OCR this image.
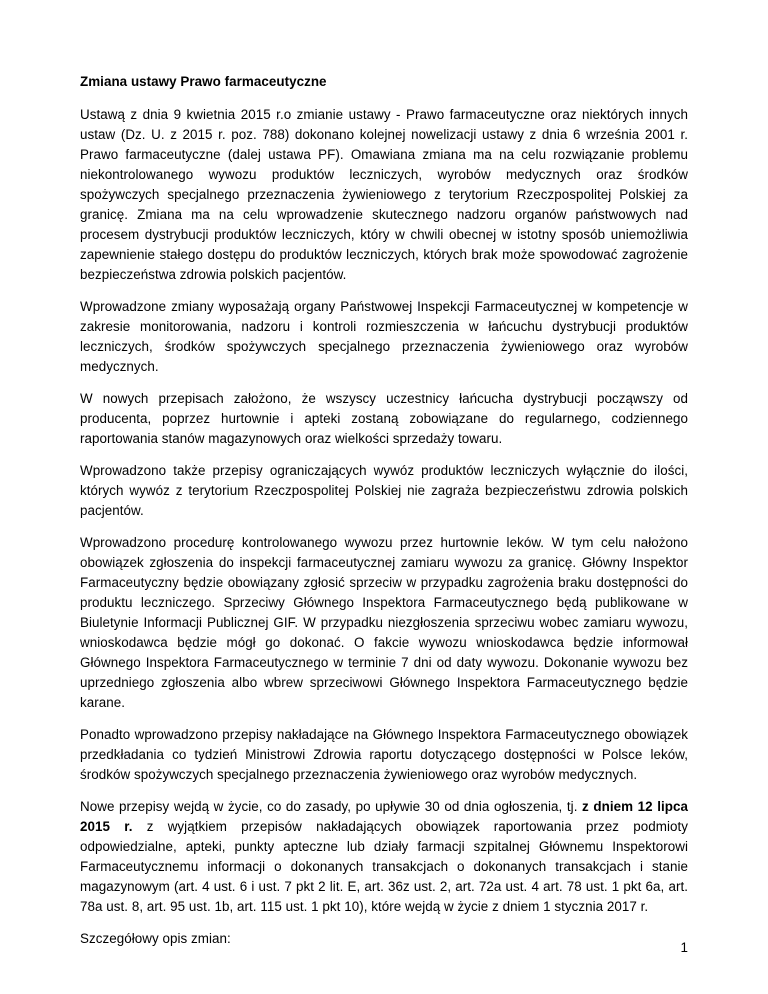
Zmiana ustawy Prawo farmaceutyczne

Ustawą z dnia 9 kwietnia 2015 r.o zmianie ustawy - Prawo farmaceutyczne oraz niektórych innych ustaw (Dz. U. z 2015 r. poz. 788) dokonano kolejnej nowelizacji ustawy z dnia 6 września 2001 r. Prawo farmaceutyczne (dalej ustawa PF). Omawiana zmiana ma na celu rozwiązanie problemu niekontrolowanego wywozu produktów leczniczych, wyrobów medycznych oraz środków spożywczych specjalnego przeznaczenia żywieniowego z terytorium Rzeczpospolitej Polskiej za granicę. Zmiana ma na celu wprowadzenie skutecznego nadzoru organów państwowych nad procesem dystrybucji produktów leczniczych, który w chwili obecnej w istotny sposób uniemożliwia zapewnienie stałego dostępu do produktów leczniczych, których brak może spowodować zagrożenie bezpieczeństwa zdrowia polskich pacjentów.

Wprowadzone zmiany wyposażają organy Państwowej Inspekcji Farmaceutycznej w kompetencje w zakresie monitorowania, nadzoru i kontroli rozmieszczenia w łańcuchu dystrybucji produktów leczniczych, środków spożywczych specjalnego przeznaczenia żywieniowego oraz wyrobów medycznych.

W nowych przepisach założono, że wszyscy uczestnicy łańcucha dystrybucji począwszy od producenta, poprzez hurtownie i apteki zostaną zobowiązane do regularnego, codziennego raportowania stanów magazynowych oraz wielkości sprzedaży towaru.

Wprowadzono także przepisy ograniczających wywóz produktów leczniczych wyłącznie do ilości, których wywóz z terytorium Rzeczpospolitej Polskiej nie zagraża bezpieczeństwu zdrowia polskich pacjentów.

Wprowadzono procedurę kontrolowanego wywozu przez hurtownie leków. W tym celu nałożono obowiązek zgłoszenia do inspekcji farmaceutycznej zamiaru wywozu za granicę. Główny Inspektor Farmaceutyczny będzie obowiązany zgłosić sprzeciw w przypadku zagrożenia braku dostępności do produktu leczniczego. Sprzeciwy Głównego Inspektora Farmaceutycznego będą publikowane w Biuletynie Informacji Publicznej GIF. W przypadku niezgłoszenia sprzeciwu wobec zamiaru wywozu, wnioskodawca będzie mógł go dokonać. O fakcie wywozu wnioskodawca będzie informował Głównego Inspektora Farmaceutycznego w terminie 7 dni od daty wywozu. Dokonanie wywozu bez uprzedniego zgłoszenia albo wbrew sprzeciwowi Głównego Inspektora Farmaceutycznego będzie karane.

Ponadto wprowadzono przepisy nakładające na Głównego Inspektora Farmaceutycznego obowiązek przedkładania co tydzień Ministrowi Zdrowia raportu dotyczącego dostępności w Polsce leków, środków spożywczych specjalnego przeznaczenia żywieniowego oraz wyrobów medycznych.

Nowe przepisy wejdą w życie, co do zasady, po upływie 30 od dnia ogłoszenia, tj. z dniem 12 lipca 2015 r. z wyjątkiem przepisów nakładających obowiązek raportowania przez podmioty odpowiedzialne, apteki, punkty apteczne lub działy farmacji szpitalnej Głównemu Inspektorowi Farmaceutycznemu informacji o dokonanych transakcjach o dokonanych transakcjach i stanie magazynowym (art. 4 ust. 6 i ust. 7 pkt 2 lit. E, art. 36z ust. 2, art. 72a ust. 4 art. 78 ust. 1 pkt 6a, art. 78a ust. 8, art. 95 ust. 1b, art. 115 ust. 1 pkt 10), które wejdą w życie z dniem 1 stycznia 2017 r.

Szczegółowy opis zmian:

1
